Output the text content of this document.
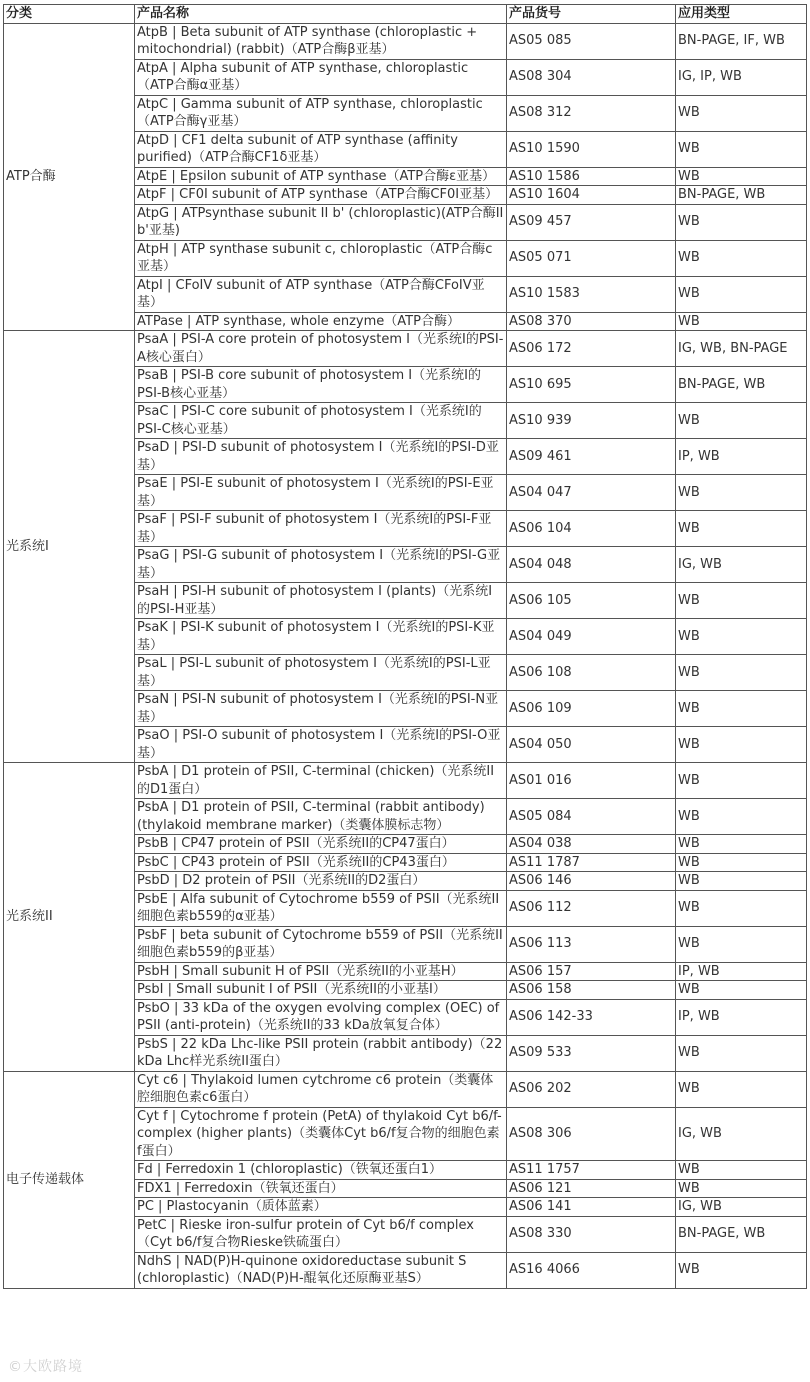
分类	产品名称	产品货号	应用类型
ATP合酶	AtpB | Beta subunit of ATP synthase (chloroplastic + mitochondrial) (rabbit)（ATP合酶β亚基）	AS05 085	BN-PAGE, IF, WB
	AtpA | Alpha subunit of ATP synthase, chloroplastic（ATP合酶α亚基）	AS08 304	IG, IP, WB
	AtpC | Gamma subunit of ATP synthase, chloroplastic（ATP合酶γ亚基）	AS08 312	WB
	AtpD | CF1 delta subunit of ATP synthase (affinity purified)（ATP合酶CF1δ亚基）	AS10 1590	WB
	AtpE | Epsilon subunit of ATP synthase（ATP合酶ε亚基）	AS10 1586	WB
	AtpF | CF0I subunit of ATP synthase（ATP合酶CF0I亚基）	AS10 1604	BN-PAGE, WB
	AtpG | ATPsynthase subunit II b' (chloroplastic)(ATP合酶II b'亚基)	AS09 457	WB
	AtpH | ATP synthase subunit c, chloroplastic（ATP合酶c亚基）	AS05 071	WB
	AtpI | CFoIV subunit of ATP synthase（ATP合酶CFoIV亚基）	AS10 1583	WB
	ATPase | ATP synthase, whole enzyme（ATP合酶）	AS08 370	WB
光系统I	PsaA | PSI-A core protein of photosystem I（光系统I的PSI-A核心蛋白）	AS06 172	IG, WB, BN-PAGE
	PsaB | PSI-B core subunit of photosystem I（光系统I的PSI-B核心亚基）	AS10 695	BN-PAGE, WB
	PsaC | PSI-C core subunit of photosystem I（光系统I的PSI-C核心亚基）	AS10 939	WB
	PsaD | PSI-D subunit of photosystem I（光系统I的PSI-D亚基）	AS09 461	IP, WB
	PsaE | PSI-E subunit of photosystem I（光系统I的PSI-E亚基）	AS04 047	WB
	PsaF | PSI-F subunit of photosystem I（光系统I的PSI-F亚基）	AS06 104	WB
	PsaG | PSI-G subunit of photosystem I（光系统I的PSI-G亚基）	AS04 048	IG, WB
	PsaH | PSI-H subunit of photosystem I (plants)（光系统I的PSI-H亚基）	AS06 105	WB
	PsaK | PSI-K subunit of photosystem I（光系统I的PSI-K亚基）	AS04 049	WB
	PsaL | PSI-L subunit of photosystem I（光系统I的PSI-L亚基）	AS06 108	WB
	PsaN | PSI-N subunit of photosystem I（光系统I的PSI-N亚基）	AS06 109	WB
	PsaO | PSI-O subunit of photosystem I（光系统I的PSI-O亚基）	AS04 050	WB
光系统II	PsbA | D1 protein of PSII, C-terminal (chicken)（光系统II的D1蛋白）	AS01 016	WB
	PsbA | D1 protein of PSII, C-terminal (rabbit antibody) (thylakoid membrane marker)（类囊体膜标志物）	AS05 084	WB
	PsbB | CP47 protein of PSII（光系统II的CP47蛋白）	AS04 038	WB
	PsbC | CP43 protein of PSII（光系统II的CP43蛋白）	AS11 1787	WB
	PsbD | D2 protein of PSII（光系统II的D2蛋白）	AS06 146	WB
	PsbE | Alfa subunit of Cytochrome b559 of PSII（光系统II细胞色素b559的α亚基）	AS06 112	WB
	PsbF | beta subunit of Cytochrome b559 of PSII（光系统II细胞色素b559的β亚基）	AS06 113	WB
	PsbH | Small subunit H of PSII（光系统II的小亚基H）	AS06 157	IP, WB
	PsbI | Small subunit I of PSII（光系统II的小亚基I）	AS06 158	WB
	PsbO | 33 kDa of the oxygen evolving complex (OEC) of PSII (anti-protein)（光系统II的33 kDa放氧复合体）	AS06 142-33	IP, WB
	PsbS | 22 kDa Lhc-like PSII protein (rabbit antibody)（22 kDa Lhc样光系统II蛋白）	AS09 533	WB
电子传递载体	Cyt c6 | Thylakoid lumen cytchrome c6 protein（类囊体腔细胞色素c6蛋白）	AS06 202	WB
	Cyt f | Cytochrome f protein (PetA) of thylakoid Cyt b6/f-complex (higher plants)（类囊体Cyt b6/f复合物的细胞色素f蛋白）	AS08 306	IG, WB
	Fd | Ferredoxin 1 (chloroplastic)（铁氧还蛋白1）	AS11 1757	WB
	FDX1 | Ferredoxin（铁氧还蛋白）	AS06 121	WB
	PC | Plastocyanin（质体蓝素）	AS06 141	IG, WB
	PetC | Rieske iron-sulfur protein of Cyt b6/f complex（Cyt b6/f复合物Rieske铁硫蛋白）	AS08 330	BN-PAGE, WB
	NdhS | NAD(P)H-quinone oxidoreductase subunit S (chloroplastic)（NAD(P)H-醌氧化还原酶亚基S）	AS16 4066	WB
©大欧路境
